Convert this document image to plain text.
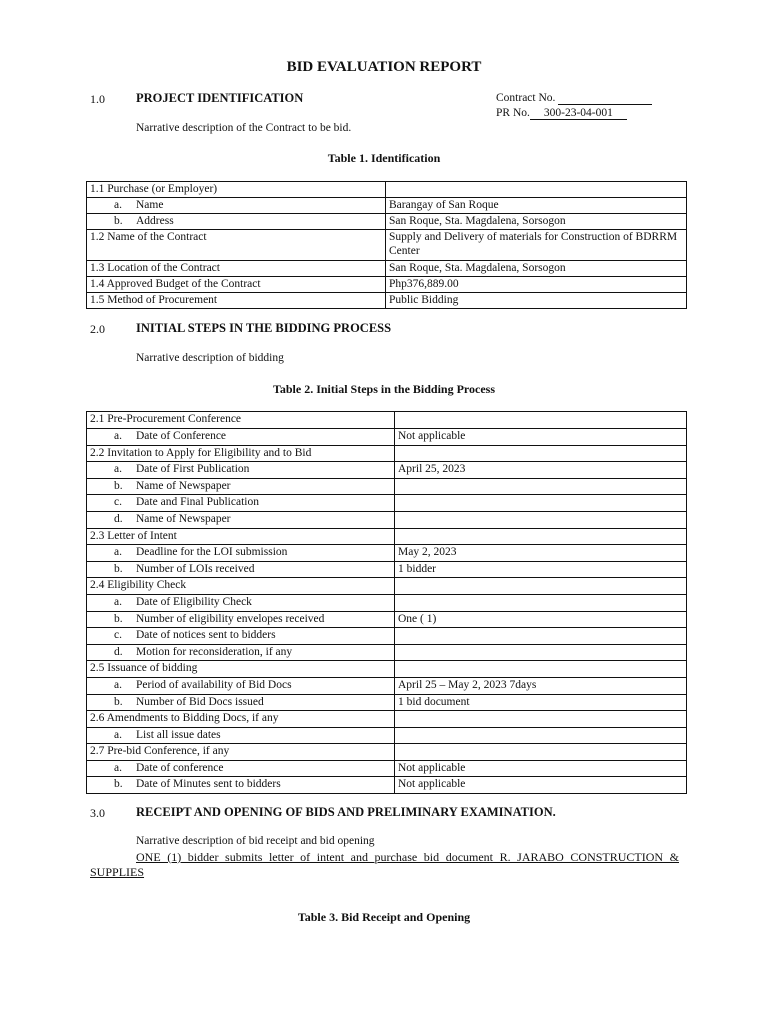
BID EVALUATION REPORT
1.0 PROJECT IDENTIFICATION	Contract No.
PR No. 300-23-04-001
Narrative description of the Contract to be bid.
Table 1. Identification
1.1 Purchase (or Employer)	
a. Name	Barangay of San Roque
b. Address	San Roque, Sta. Magdalena, Sorsogon
1.2 Name of the Contract	Supply and Delivery of materials for Construction of BDRRM Center
1.3 Location of the Contract	San Roque, Sta. Magdalena, Sorsogon
1.4 Approved Budget of the Contract	Php376,889.00
1.5 Method of Procurement	Public Bidding
2.0 INITIAL STEPS IN THE BIDDING PROCESS
Narrative description of bidding
Table 2. Initial Steps in the Bidding Process
2.1 Pre-Procurement Conference	
a. Date of Conference	Not applicable
2.2 Invitation to Apply for Eligibility and to Bid	
a. Date of First Publication	April 25, 2023
b. Name of Newspaper	
c. Date and Final Publication	
d. Name of Newspaper	
2.3 Letter of Intent	
a. Deadline for the LOI submission	May 2, 2023
b. Number of LOIs received	1 bidder
2.4 Eligibility Check	
a. Date of Eligibility Check	
b. Number of eligibility envelopes received	One ( 1)
c. Date of notices sent to bidders	
d. Motion for reconsideration, if any	
2.5 Issuance of bidding	
a. Period of availability of Bid Docs	April 25 – May 2, 2023 7days
b. Number of Bid Docs issued	1 bid document
2.6 Amendments to Bidding Docs, if any	
a. List all issue dates	
2.7 Pre-bid Conference, if any	
a. Date of conference	Not applicable
b. Date of Minutes sent to bidders	Not applicable
3.0 RECEIPT AND OPENING OF BIDS AND PRELIMINARY EXAMINATION.
Narrative description of bid receipt and bid opening
ONE (1) bidder submits letter of intent and purchase bid document R. JARABO CONSTRUCTION & SUPPLIES
Table 3. Bid Receipt and Opening
